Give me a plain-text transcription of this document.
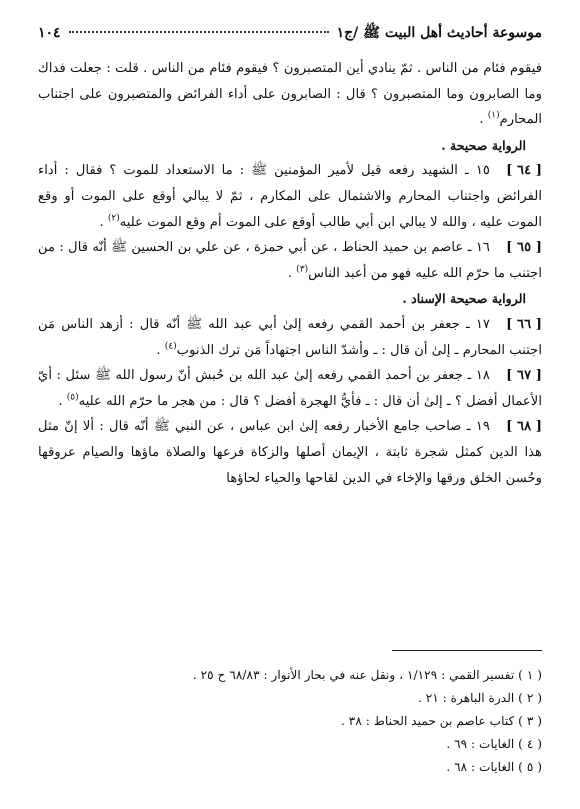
موسوعة أحاديث أهل البيت ﷺ /ج١
١٠٤

فيقوم فئام من الناس . ثمّ ينادي أين المتصبرون ؟ فيقوم فئام من الناس . قلت : جعلت فداك وما الصابرون وما المتصبرون ؟ قال : الصابرون على أداء الفرائض والمتصبرون على اجتناب المحارم$^{(١)}$ .

الرواية صحيحة .

[ ٦٤ ]١٥ ـ الشهيد رفعه قيل لأمير المؤمنين ﷺ : ما الاستعداد للموت ؟ فقال : أداء الفرائض واجتناب المحارم والاشتمال على المكارم ، ثمّ لا يبالي أوقع على الموت أو وقع الموت عليه ، والله لا يبالي ابن أبي طالب أوقع على الموت أم وقع الموت عليه$^{(٢)}$ .

[ ٦٥ ]١٦ ـ عاصم بن حميد الحناط ، عن أبي حمزة ، عن علي بن الحسين ﷺ أنّه قال : من اجتنب ما حرّم الله عليه فهو من أعبد الناس$^{(٣)}$ .

الرواية صحيحة الإسناد .

[ ٦٦ ]١٧ ـ جعفر بن أحمد القمي رفعه إلىٰ أبي عبد الله ﷺ أنّه قال : أزهد الناس مَن اجتنب المحارم ـ إلىٰ أن قال : ـ وأشدّ الناس اجتهاداً مَن ترك الذنوب$^{(٤)}$ .

[ ٦٧ ]١٨ ـ جعفر بن أحمد القمي رفعه إلىٰ عبد الله بن حُبش أنّ رسول الله ﷺ سئل : أيّ الأعمال أفضل ؟ ـ إلىٰ أن قال : ـ فأيُّ الهجرة أفضل ؟ قال : من هجر ما حرّم الله عليه$^{(٥)}$ .

[ ٦٨ ]١٩ ـ صاحب جامع الأخبار رفعه إلىٰ ابن عباس ، عن النبي ﷺ أنّه قال : ألا إنّ مثل هذا الدين كمثل شجرة ثابتة ، الإيمان أصلها والزكاة فرعها والصلاة ماؤها والصيام عروقها وحُسن الخلق ورقها والإخاء في الدين لقاحها والحياء لحاؤها

( ١ ) تفسير القمي : ١/١٢٩ ، ونقل عنه في بحار الأنوار : ٦٨/٨٣ ح ٢٥ .

( ٢ ) الدرة الباهرة : ٢١ .

( ٣ ) كتاب عاصم بن حميد الحناط : ٣٨ .

( ٤ ) الغايات : ٦٩ .

( ٥ ) الغايات : ٦٨ .
